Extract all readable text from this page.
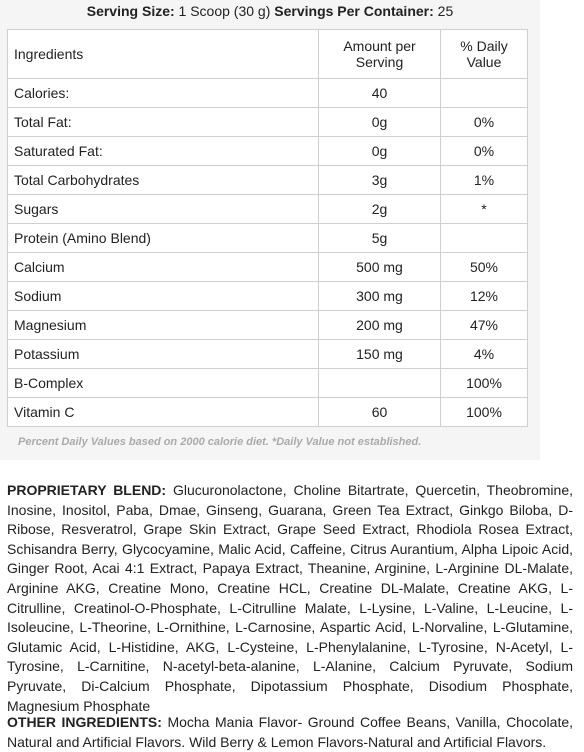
Serving Size: 1 Scoop (30 g) Servings Per Container: 25
Ingredients	Amount per Serving	% Daily Value
Calories:	40	
Total Fat:	0g	0%
Saturated Fat:	0g	0%
Total Carbohydrates	3g	1%
Sugars	2g	*
Protein (Amino Blend)	5g	
Calcium	500 mg	50%
Sodium	300 mg	12%
Magnesium	200 mg	47%
Potassium	150 mg	4%
B-Complex		100%
Vitamin C	60	100%
Percent Daily Values based on 2000 calorie diet. *Daily Value not established.
PROPRIETARY BLEND: Glucuronolactone, Choline Bitartrate, Quercetin, Theobromine, Inosine, Inositol, Paba, Dmae, Ginseng, Guarana, Green Tea Extract, Ginkgo Biloba, D-Ribose, Resveratrol, Grape Skin Extract, Grape Seed Extract, Rhodiola Rosea Extract, Schisandra Berry, Glycocyamine, Malic Acid, Caffeine, Citrus Aurantium, Alpha Lipoic Acid, Ginger Root, Acai 4:1 Extract, Papaya Extract, Theanine, Arginine, L-Arginine DL-Malate, Arginine AKG, Creatine Mono, Creatine HCL, Creatine DL-Malate, Creatine AKG, L-Citrulline, Creatinol-O-Phosphate, L-Citrulline Malate, L-Lysine, L-Valine, L-Leucine, L-Isoleucine, L-Theorine, L-Ornithine, L-Carnosine, Aspartic Acid, L-Norvaline, L-Glutamine, Glutamic Acid, L-Histidine, AKG, L-Cysteine, L-Phenylalanine, L-Tyrosine, N-Acetyl, L-Tyrosine, L-Carnitine, N-acetyl-beta-alanine, L-Alanine, Calcium Pyruvate, Sodium Pyruvate, Di-Calcium Phosphate, Dipotassium Phosphate, Disodium Phosphate, Magnesium Phosphate
OTHER INGREDIENTS: Mocha Mania Flavor- Ground Coffee Beans, Vanilla, Chocolate, Natural and Artificial Flavors. Wild Berry & Lemon Flavors-Natural and Artificial Flavors.
